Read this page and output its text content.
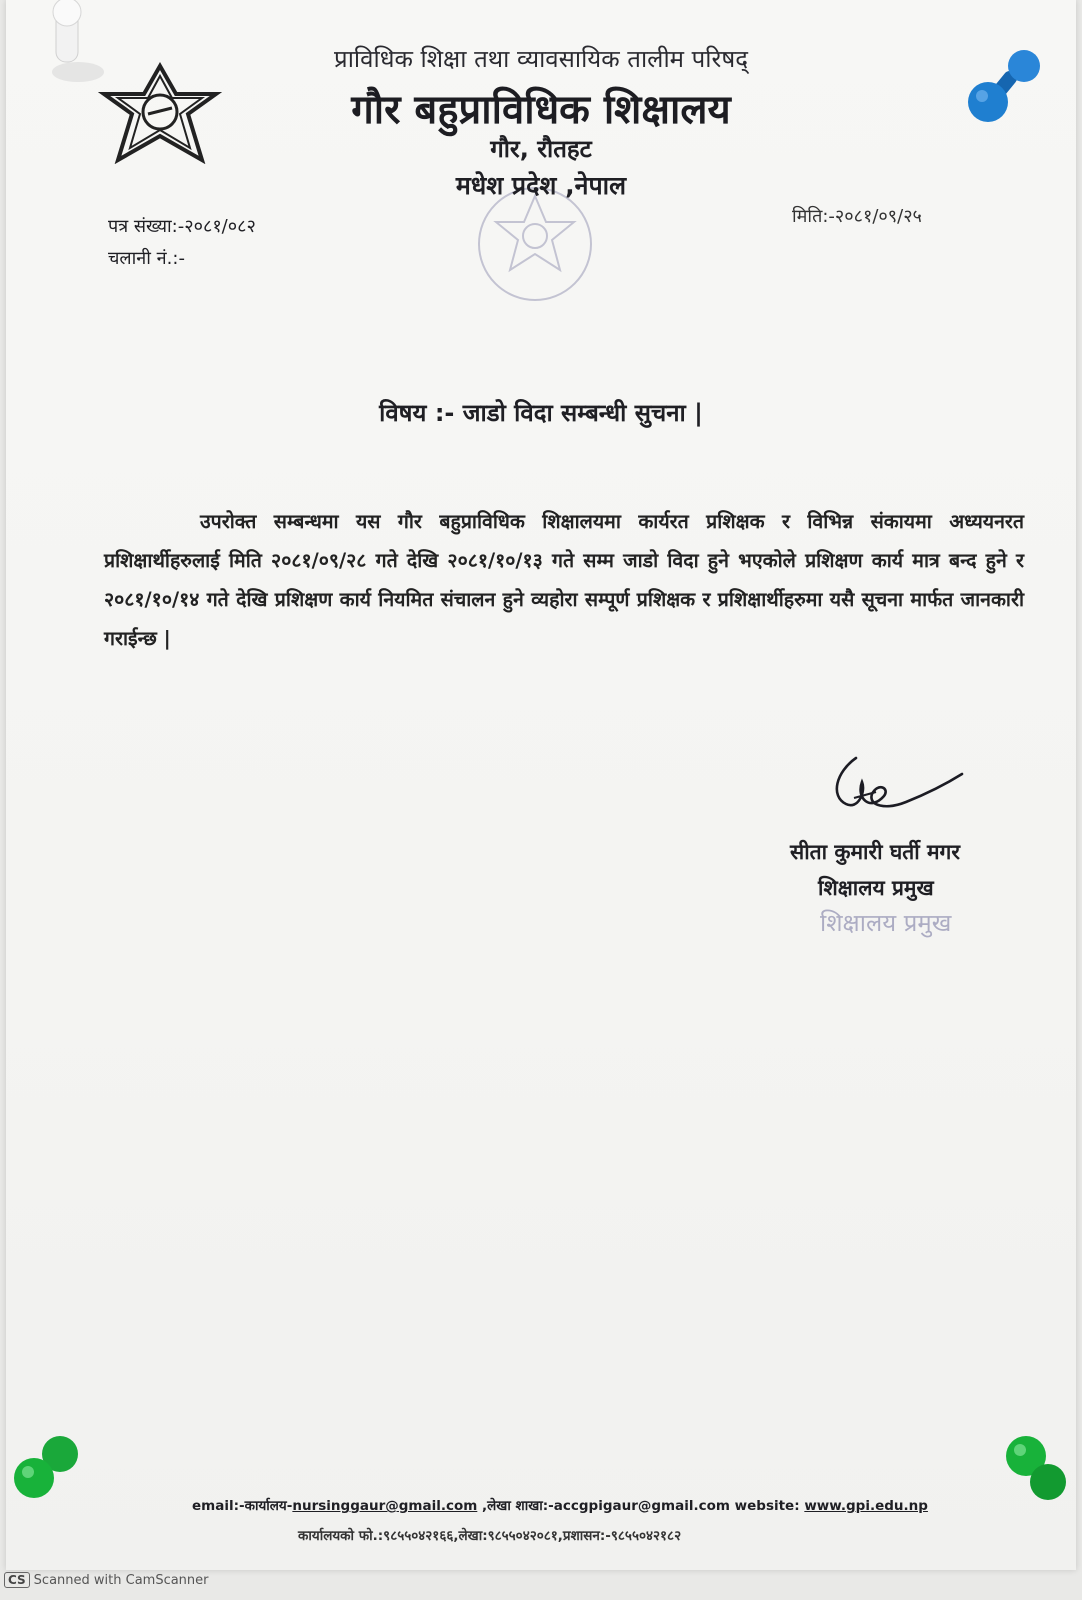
प्राविधिक शिक्षा तथा व्यावसायिक तालीम परिषद्
गौर बहुप्राविधिक शिक्षालय
गौर, रौतहट
मधेश प्रदेश ,नेपाल
पत्र संख्या:-२०८१/०८२
चलानी नं.:-
मिति:-२०८१/०९/२५
विषय :- जाडो विदा सम्बन्धी सुचना |
उपरोक्त सम्बन्धमा यस गौर बहुप्राविधिक शिक्षालयमा कार्यरत प्रशिक्षक र विभिन्न संकायमा अध्ययनरत प्रशिक्षार्थीहरुलाई मिति २०८१/०९/२८ गते देखि २०८१/१०/१३ गते सम्म जाडो विदा हुने भएकोले प्रशिक्षण कार्य मात्र बन्द हुने र २०८१/१०/१४ गते देखि प्रशिक्षण कार्य नियमित संचालन हुने व्यहोरा सम्पूर्ण प्रशिक्षक र प्रशिक्षार्थीहरुमा यसै सूचना मार्फत जानकारी गराईन्छ |
सीता कुमारी घर्ती मगर
शिक्षालय प्रमुख
शिक्षालय प्रमुख
email:-कार्यालय-nursinggaur@gmail.com ,लेखा शाखा:-accgpigaur@gmail.com website: www.gpi.edu.np
कार्यालयको फो.:९८५५०४२१६६,लेखा:९८५५०४२०८१,प्रशासन:-९८५५०४२१८२
CS Scanned with CamScanner
